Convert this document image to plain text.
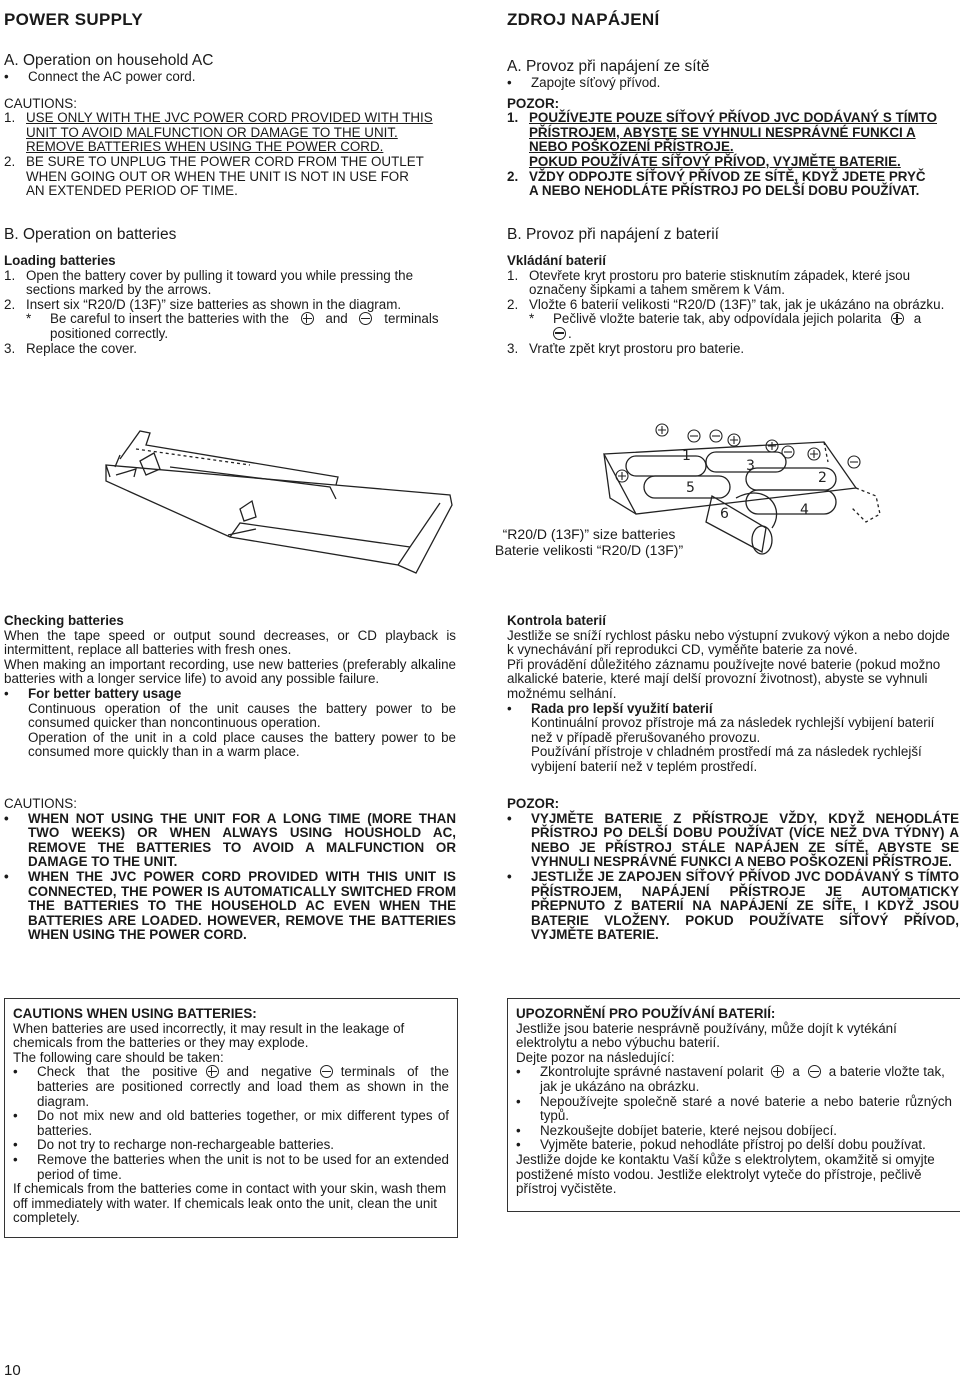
POWER SUPPLY
A. Operation on household AC
•	Connect the AC power cord.
CAUTIONS:
1. USE ONLY WITH THE JVC POWER CORD PROVIDED WITH THIS
UNIT TO AVOID MALFUNCTION OR DAMAGE TO THE UNIT.
REMOVE BATTERIES WHEN USING THE POWER CORD.
2. BE SURE TO UNPLUG THE POWER CORD FROM THE OUTLET
WHEN GOING OUT OR WHEN THE UNIT IS NOT IN USE FOR
AN EXTENDED PERIOD OF TIME.
B. Operation on batteries
Loading batteries
1. Open the battery cover by pulling it toward you while pressing the
sections marked by the arrows.
2. Insert six “R20/D (13F)” size batteries as shown in the diagram.
*	Be careful to insert the batteries with the	and	terminals
positioned correctly.
3. Replace the cover.
ZDROJ NAPÁJENÍ
A. Provoz při napájení ze sítě
•	Zapojte síťový přívod.
POZOR:
1. POUŽÍVEJTE POUZE SÍŤOVÝ PŘÍVOD JVC DODÁVANÝ S TÍMTO
PŘÍSTROJEM, ABYSTE SE VYHNULI NESPRÁVNÉ FUNKCI A
NEBO POŠKOZENÍ PŘÍSTROJE.
POKUD POUŽÍVÁTE SÍŤOVÝ PŘÍVOD, VYJMĚTE BATERIE.
2. VŽDY ODPOJTE SÍŤOVÝ PŘÍVOD ZE SÍTĚ, KDYŽ JDETE PRYČ
A NEBO NEHODLÁTE PŘÍSTROJ PO DELŠÍ DOBU POUŽÍVAT.
B. Provoz při napájení z baterií
Vkládání baterií
1. Otevřete kryt prostoru pro baterie stisknutím západek, které jsou
označeny šipkami a tahem směrem k Vám.
2. Vložte 6 baterií velikosti “R20/D (13F)” tak, jak je ukázáno na obrázku.
*	Pečlivě vložte baterie tak, aby odpovídala jejich polarita a
.
3. Vraťte zpět kryt prostoru pro baterie.
1
3
2
5
4
6
“R20/D (13F)” size batteries
Baterie velikosti “R20/D (13F)”
Checking batteries
When the tape speed or output sound decreases, or CD playback is intermittent, replace all batteries with fresh ones.
When making an important recording, use new batteries (preferably alkaline batteries with a longer service life) to avoid any possible failure.
•	For better battery usage
Continuous operation of the unit causes the battery power to be consumed quicker than noncontinuous operation.
Operation of the unit in a cold place causes the battery power to be consumed more quickly than in a warm place.
Kontrola baterií
Jestliže se sníží rychlost pásku nebo výstupní zvukový výkon a nebo dojde k vynechávání při reprodukci CD, vyměňte baterie za nové.
Při provádění důležitého záznamu používejte nové baterie (pokud možno alkalické baterie, které mají delší provozní životnost), abyste se vyhnuli možnému selhání.
•	Rada pro lepší využití baterií
Kontinuální provoz přístroje má za následek rychlejší vybijení baterií než v případě přerušovaného provozu.
Používání přístroje v chladném prostředí má za následek rychlejší vybijení baterií než v teplém prostředí.
CAUTIONS:
•	WHEN NOT USING THE UNIT FOR A LONG TIME (MORE THAN TWO WEEKS) OR WHEN ALWAYS USING HOUSHOLD AC, REMOVE THE BATTERIES TO AVOID A MALFUNCTION OR DAMAGE TO THE UNIT.
•	WHEN THE JVC POWER CORD PROVIDED WITH THIS UNIT IS CONNECTED, THE POWER IS AUTOMATICALLY SWITCHED FROM THE BATTERIES TO THE HOUSEHOLD AC EVEN WHEN THE BATTERIES ARE LOADED. HOWEVER, REMOVE THE BATTERIES WHEN USING THE POWER CORD.
POZOR:
•	VYJMĚTE BATERIE Z PŘÍSTROJE VŽDY, KDYŽ NEHODLÁTE PŘÍSTROJ PO DELŠÍ DOBU POUŽÍVAT (VÍCE NEŽ DVA TÝDNY) A NEBO JE PŘÍSTROJ STÁLE NAPÁJEN ZE SÍTĚ, ABYSTE SE VYHNULI NESPRÁVNÉ FUNKCI A NEBO POŠKOZENÍ PŘÍSTROJE.
•	JESTLIŽE JE ZAPOJEN SÍŤOVÝ PŘÍVOD JVC DODÁVANÝ S TÍMTO PŘÍSTROJEM, NAPÁJENÍ PŘÍSTROJE JE AUTOMATICKY PŘEPNUTO Z BATERIÍ NA NAPÁJENÍ ZE SÍŤE, I KDYŽ JSOU BATERIE VLOŽENY. POKUD POUŽÍVATE SÍŤOVÝ PŘÍVOD, VYJMĚTE BATERIE.
CAUTIONS WHEN USING BATTERIES:
When batteries are used incorrectly, it may result in the leakage of chemicals from the batteries or they may explode.
The following care should be taken:
•	Check that the positive and negative terminals of the batteries are positioned correctly and load them as shown in the diagram.
•	Do not mix new and old batteries together, or mix different types of batteries.
•	Do not try to recharge non-rechargeable batteries.
•	Remove the batteries when the unit is not to be used for an extended period of time.
If chemicals from the batteries come in contact with your skin, wash them off immediately with water. If chemicals leak onto the unit, clean the unit completely.
UPOZORNĚNÍ PRO POUŽÍVÁNÍ BATERIÍ:
Jestliže jsou baterie nesprávně používány, může dojít k vytékání elektrolytu a nebo výbuchu baterií.
Dejte pozor na následující:
•	Zkontrolujte správné nastavení polarit a a baterie vložte tak, jak je ukázáno na obrázku.
•	Nepoužívejte společně staré a nové baterie a nebo baterie různých typů.
•	Nezkoušejte dobíjet baterie, které nejsou dobíjecí.
•	Vyjměte baterie, pokud nehodláte přístroj po delší dobu používat.
Jestliže dojde ke kontaktu Vaší kůže s elektrolytem, okamžitě si omyjte postižené místo vodou. Jestliže elektrolyt vyteče do přístroje, pečlivě přístroj vyčistěte.
10
